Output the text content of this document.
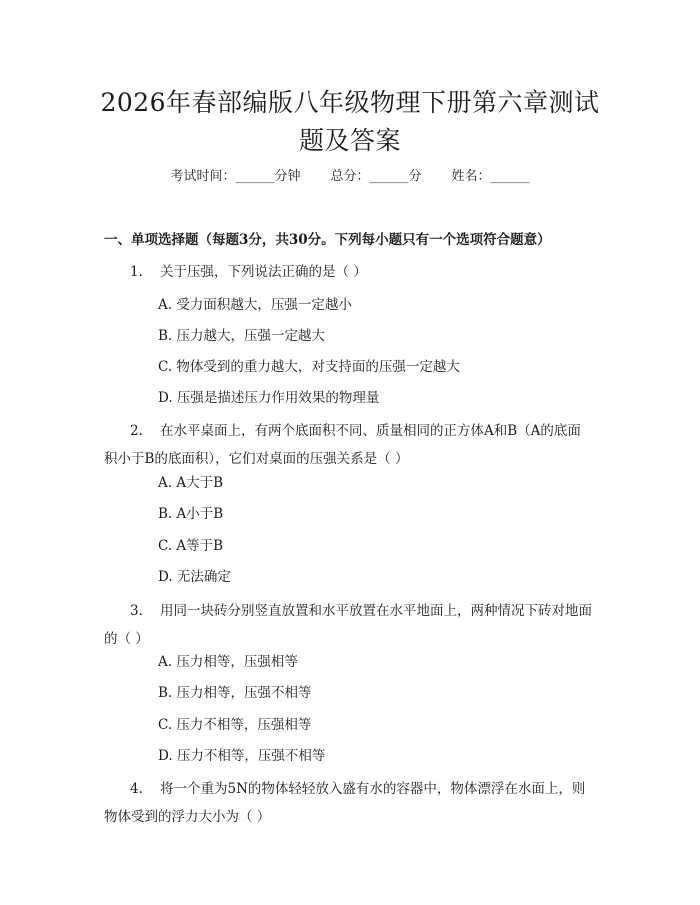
2026年春部编版八年级物理下册第六章测试
题及答案
考试时间：______分钟 总分：______分 姓名：______
一、单项选择题（每题3分，共30分。下列每小题只有一个选项符合题意）
1. 关于压强，下列说法正确的是（ ）
A. 受力面积越大，压强一定越小
B. 压力越大，压强一定越大
C. 物体受到的重力越大，对支持面的压强一定越大
D. 压强是描述压力作用效果的物理量
2. 在水平桌面上，有两个底面积不同、质量相同的正方体A和B（A的底面积小于B的底面积），它们对桌面的压强关系是（ ）
A. A大于B
B. A小于B
C. A等于B
D. 无法确定
3. 用同一块砖分别竖直放置和水平放置在水平地面上，两种情况下砖对地面的（ ）
A. 压力相等，压强相等
B. 压力相等，压强不相等
C. 压力不相等，压强相等
D. 压力不相等，压强不相等
4. 将一个重为5N的物体轻轻放入盛有水的容器中，物体漂浮在水面上，则物体受到的浮力大小为（ ）
